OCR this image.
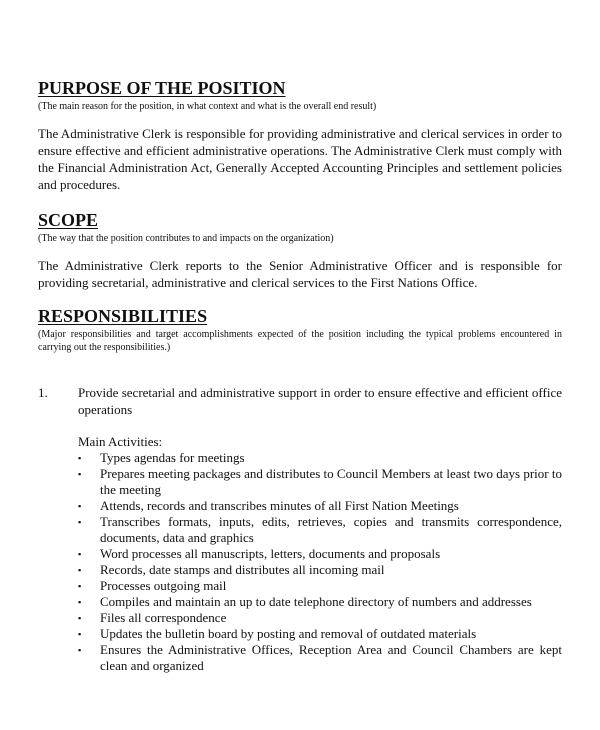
PURPOSE OF THE POSITION

(The main reason for the position, in what context and what is the overall end result)

The Administrative Clerk is responsible for providing administrative and clerical services in order to ensure effective and efficient administrative operations. The Administrative Clerk must comply with the Financial Administration Act, Generally Accepted Accounting Principles and settlement policies and procedures.

SCOPE

(The way that the position contributes to and impacts on the organization)

The Administrative Clerk reports to the Senior Administrative Officer and is responsible for providing secretarial, administrative and clerical services to the First Nations Office.

RESPONSIBILITIES

(Major responsibilities and target accomplishments expected of the position including the typical problems encountered in carrying out the responsibilities.)

1.	Provide secretarial and administrative support in order to ensure effective and efficient office operations
Main Activities:
▪	Types agendas for meetings
▪	Prepares meeting packages and distributes to Council Members at least two days prior to the meeting
▪	Attends, records and transcribes minutes of all First Nation Meetings
▪	Transcribes formats, inputs, edits, retrieves, copies and transmits correspondence, documents, data and graphics
▪	Word processes all manuscripts, letters, documents and proposals
▪	Records, date stamps and distributes all incoming mail
▪	Processes outgoing mail
▪	Compiles and maintain an up to date telephone directory of numbers and addresses
▪	Files all correspondence
▪	Updates the bulletin board by posting and removal of outdated materials
▪	Ensures the Administrative Offices, Reception Area and Council Chambers are kept clean and organized
